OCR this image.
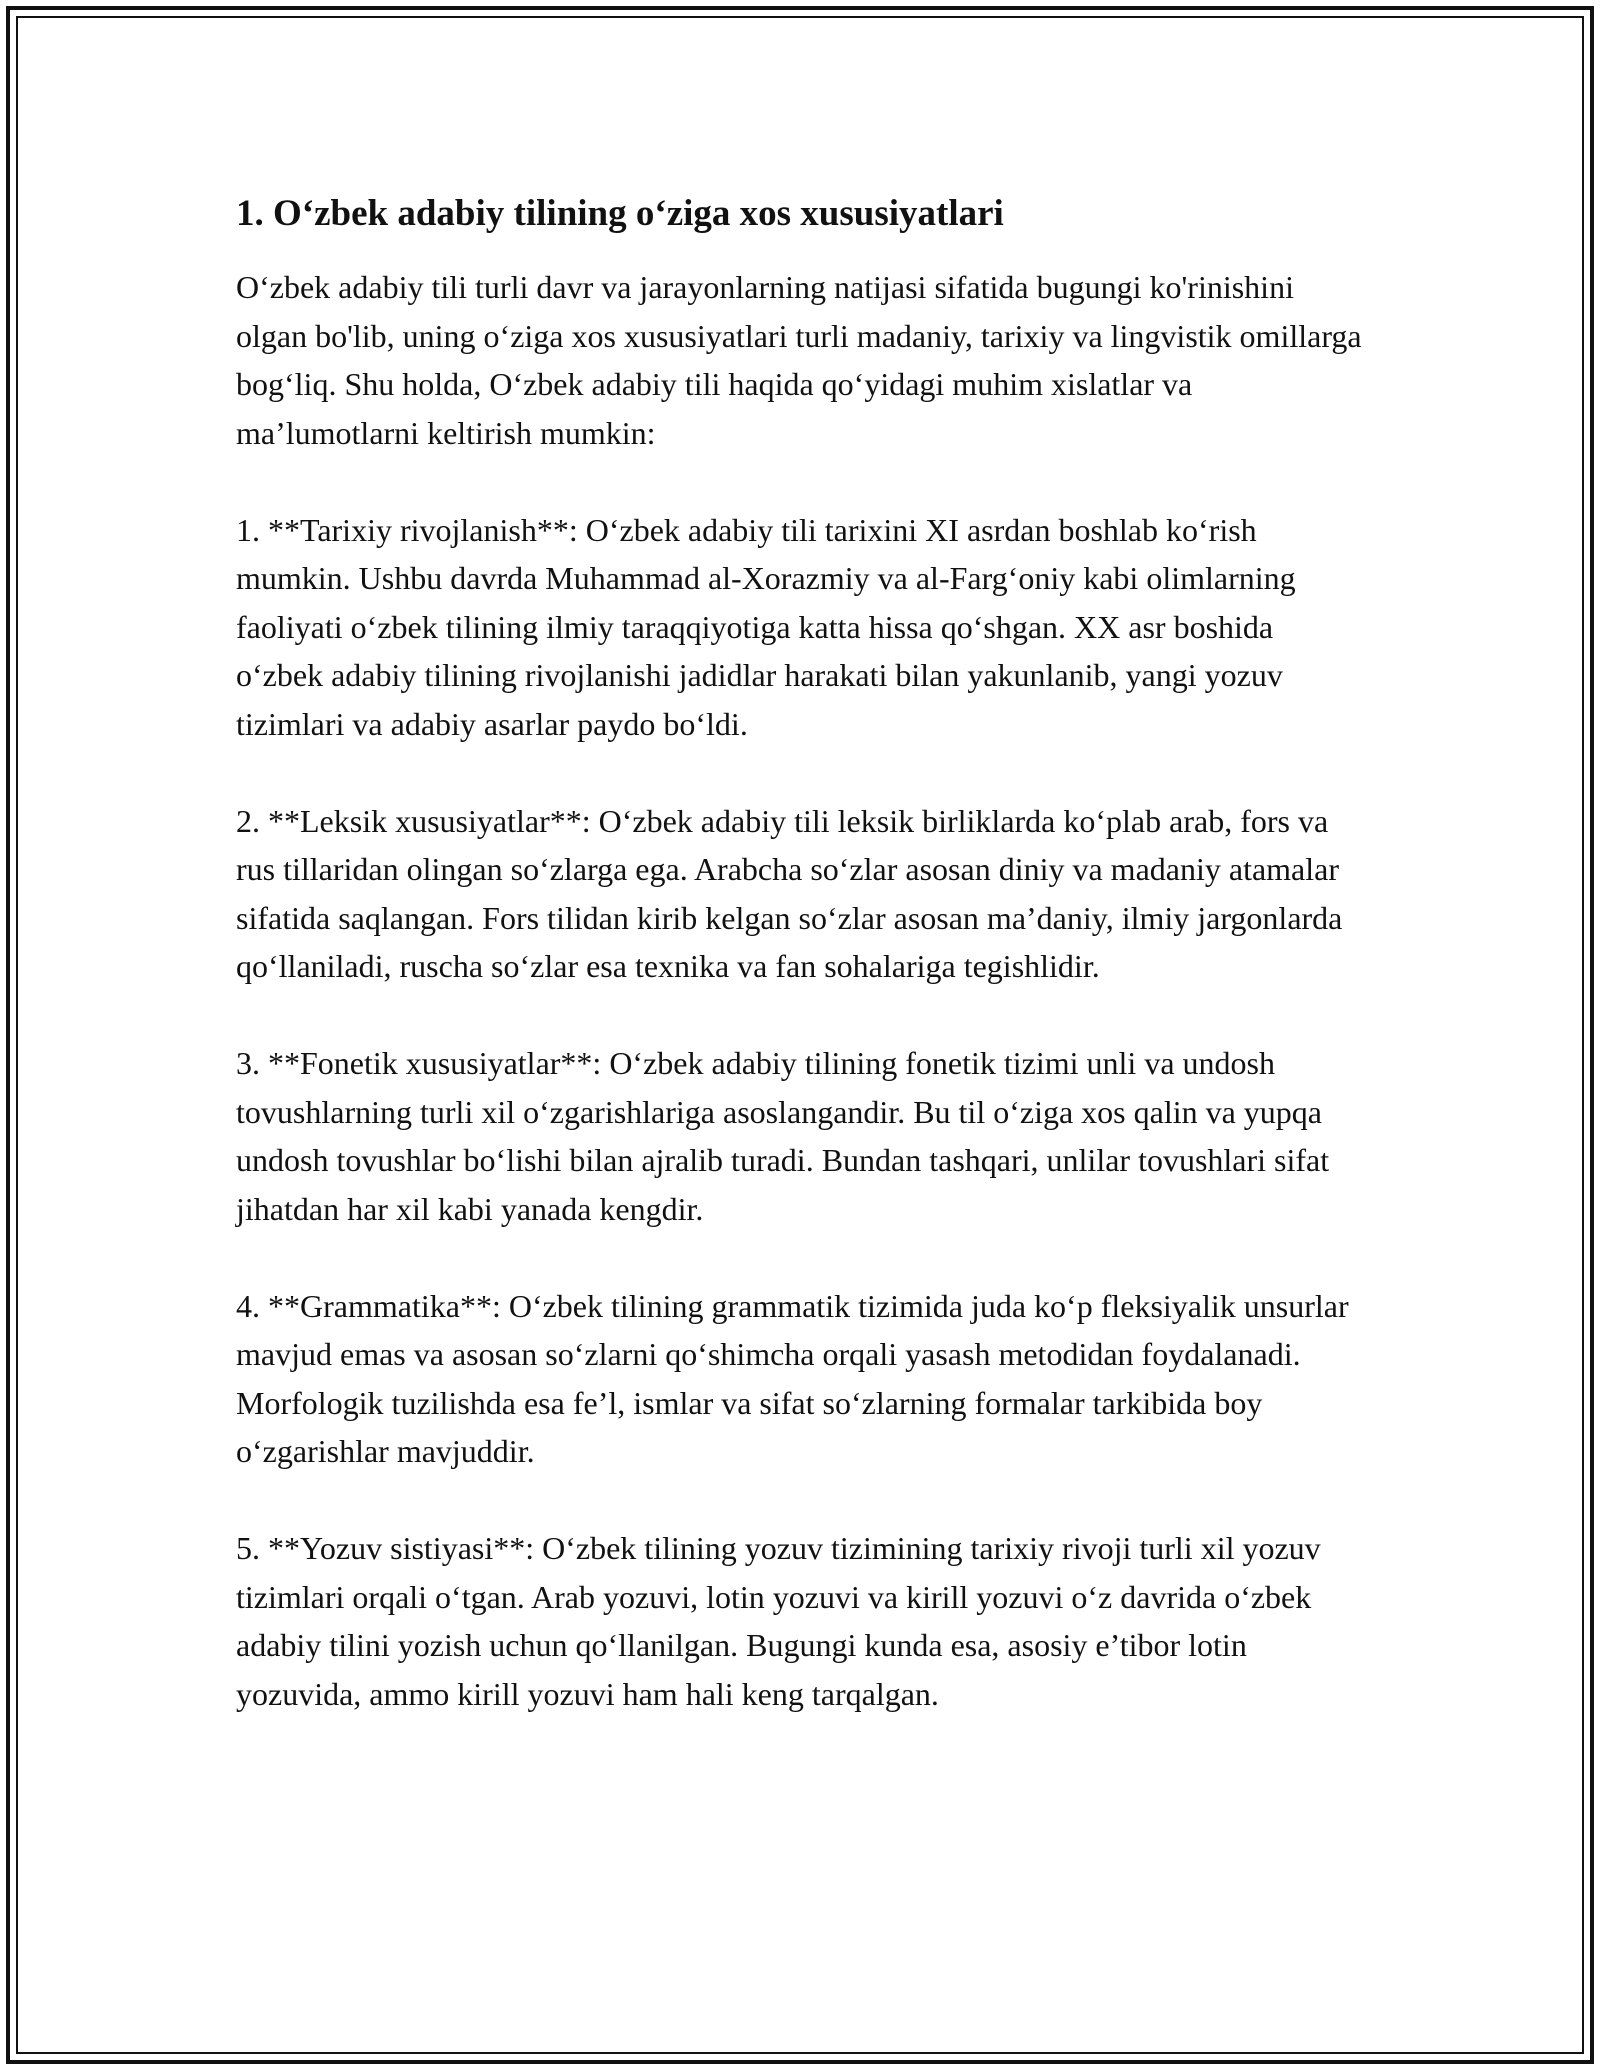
1. O‘zbek adabiy tilining o‘ziga xos xususiyatlari

O‘zbek adabiy tili turli davr va jarayonlarning natijasi sifatida bugungi ko'rinishini olgan bo'lib, uning o‘ziga xos xususiyatlari turli madaniy, tarixiy va lingvistik omillarga bog‘liq. Shu holda, O‘zbek adabiy tili haqida qo‘yidagi muhim xislatlar va ma’lumotlarni keltirish mumkin:

1. **Tarixiy rivojlanish**: O‘zbek adabiy tili tarixini XI asrdan boshlab ko‘rish mumkin. Ushbu davrda Muhammad al-Xorazmiy va al-Farg‘oniy kabi olimlarning faoliyati o‘zbek tilining ilmiy taraqqiyotiga katta hissa qo‘shgan. XX asr boshida o‘zbek adabiy tilining rivojlanishi jadidlar harakati bilan yakunlanib, yangi yozuv tizimlari va adabiy asarlar paydo bo‘ldi.

2. **Leksik xususiyatlar**: O‘zbek adabiy tili leksik birliklarda ko‘plab arab, fors va rus tillaridan olingan so‘zlarga ega. Arabcha so‘zlar asosan diniy va madaniy atamalar sifatida saqlangan. Fors tilidan kirib kelgan so‘zlar asosan ma’daniy, ilmiy jargonlarda qo‘llaniladi, ruscha so‘zlar esa texnika va fan sohalariga tegishlidir.

3. **Fonetik xususiyatlar**: O‘zbek adabiy tilining fonetik tizimi unli va undosh tovushlarning turli xil o‘zgarishlariga asoslangandir. Bu til o‘ziga xos qalin va yupqa undosh tovushlar bo‘lishi bilan ajralib turadi. Bundan tashqari, unlilar tovushlari sifat jihatdan har xil kabi yanada kengdir.

4. **Grammatika**: O‘zbek tilining grammatik tizimida juda ko‘p fleksiyalik unsurlar mavjud emas va asosan so‘zlarni qo‘shimcha orqali yasash metodidan foydalanadi. Morfologik tuzilishda esa fe’l, ismlar va sifat so‘zlarning formalar tarkibida boy o‘zgarishlar mavjuddir.

5. **Yozuv sistiyasi**: O‘zbek tilining yozuv tizimining tarixiy rivoji turli xil yozuv tizimlari orqali o‘tgan. Arab yozuvi, lotin yozuvi va kirill yozuvi o‘z davrida o‘zbek adabiy tilini yozish uchun qo‘llanilgan. Bugungi kunda esa, asosiy e’tibor lotin yozuvida, ammo kirill yozuvi ham hali keng tarqalgan.
